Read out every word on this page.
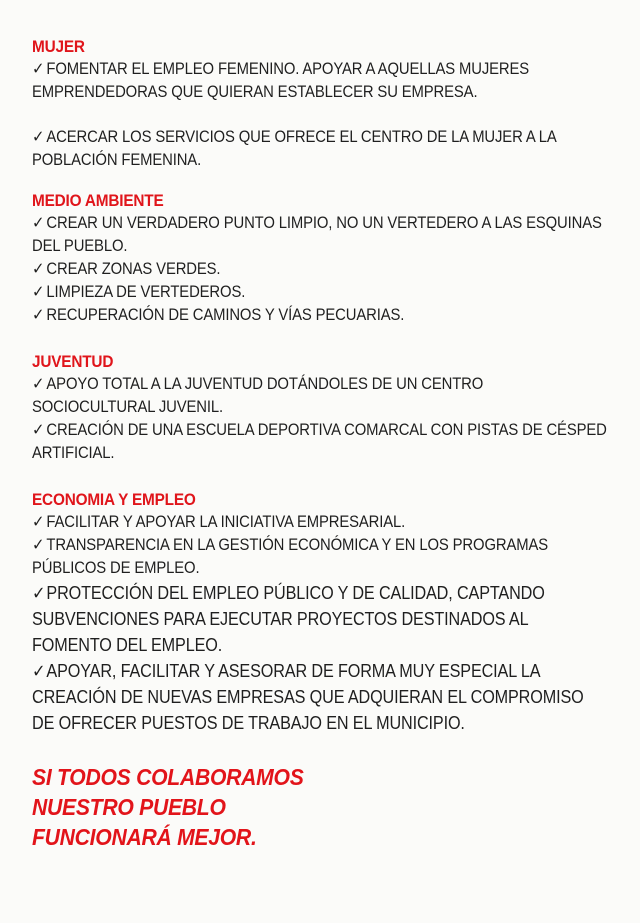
MUJER

✓ FOMENTAR EL EMPLEO FEMENINO. APOYAR A AQUELLAS MUJERES EMPRENDEDORAS QUE QUIERAN ESTABLECER SU EMPRESA.

✓ ACERCAR LOS SERVICIOS QUE OFRECE EL CENTRO DE LA MUJER A LA POBLACIÓN FEMENINA.

MEDIO AMBIENTE

✓ CREAR UN VERDADERO PUNTO LIMPIO, NO UN VERTEDERO A LAS ESQUINAS DEL PUEBLO.

✓ CREAR ZONAS VERDES.

✓ LIMPIEZA DE VERTEDEROS.

✓ RECUPERACIÓN DE CAMINOS Y VÍAS PECUARIAS.

JUVENTUD

✓ APOYO TOTAL A LA JUVENTUD DOTÁNDOLES DE UN CENTRO SOCIOCULTURAL JUVENIL.

✓ CREACIÓN DE UNA ESCUELA DEPORTIVA COMARCAL CON PISTAS DE CÉSPED ARTIFICIAL.

ECONOMIA Y EMPLEO

✓ FACILITAR Y APOYAR LA INICIATIVA EMPRESARIAL.

✓ TRANSPARENCIA EN LA GESTIÓN ECONÓMICA Y EN LOS PROGRAMAS PÚBLICOS DE EMPLEO.

✓PROTECCIÓN DEL EMPLEO PÚBLICO Y DE CALIDAD, CAPTANDO SUBVENCIONES PARA EJECUTAR PROYECTOS DESTINADOS AL FOMENTO DEL EMPLEO.

✓APOYAR, FACILITAR Y ASESORAR DE FORMA MUY ESPECIAL LA CREACIÓN DE NUEVAS EMPRESAS QUE ADQUIERAN EL COMPROMISO DE OFRECER PUESTOS DE TRABAJO EN EL MUNICIPIO.

SI TODOS COLABORAMOS

NUESTRO PUEBLO

FUNCIONARÁ MEJOR.
